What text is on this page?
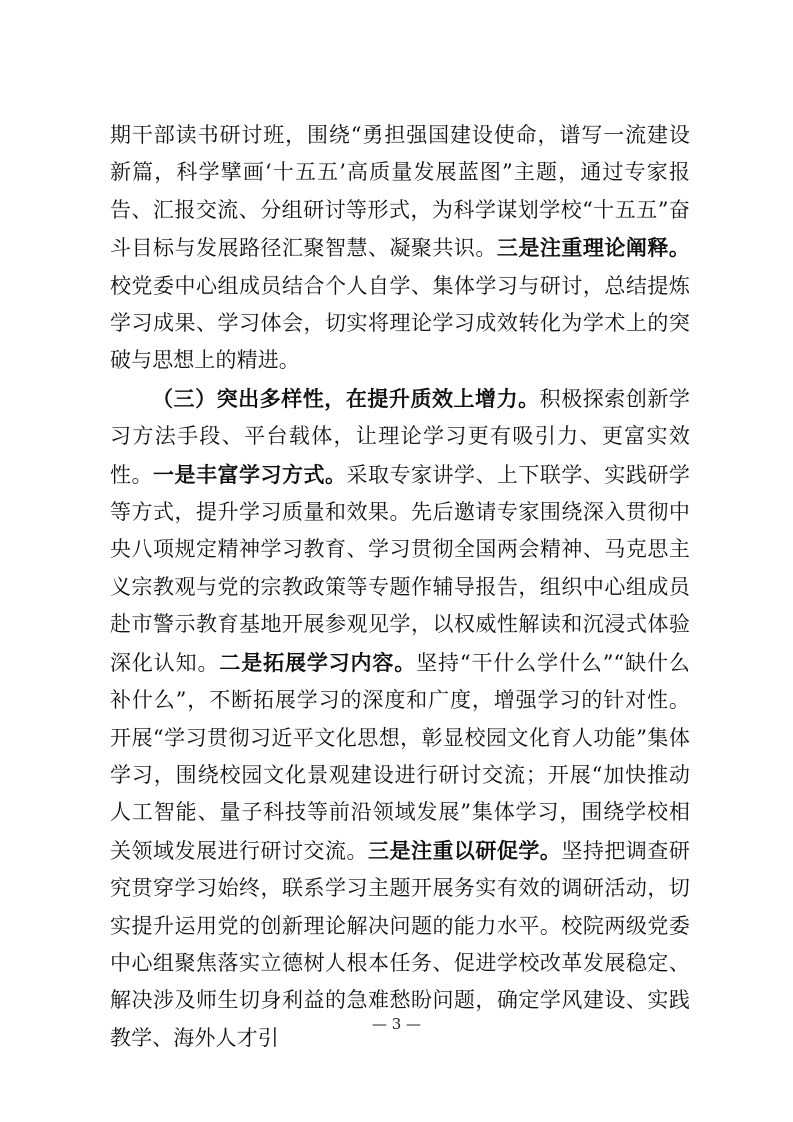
期干部读书研讨班，围绕“勇担强国建设使命，谱写一流建设新篇，科学擘画‘十五五’高质量发展蓝图”主题，通过专家报告、汇报交流、分组研讨等形式，为科学谋划学校“十五五”奋斗目标与发展路径汇聚智慧、凝聚共识。三是注重理论阐释。校党委中心组成员结合个人自学、集体学习与研讨，总结提炼学习成果、学习体会，切实将理论学习成效转化为学术上的突破与思想上的精进。

（三）突出多样性，在提升质效上增力。积极探索创新学习方法手段、平台载体，让理论学习更有吸引力、更富实效性。一是丰富学习方式。采取专家讲学、上下联学、实践研学等方式，提升学习质量和效果。先后邀请专家围绕深入贯彻中央八项规定精神学习教育、学习贯彻全国两会精神、马克思主义宗教观与党的宗教政策等专题作辅导报告，组织中心组成员赴市警示教育基地开展参观见学，以权威性解读和沉浸式体验深化认知。二是拓展学习内容。坚持“干什么学什么”“缺什么补什么”，不断拓展学习的深度和广度，增强学习的针对性。开展“学习贯彻习近平文化思想，彰显校园文化育人功能”集体学习，围绕校园文化景观建设进行研讨交流；开展“加快推动人工智能、量子科技等前沿领域发展”集体学习，围绕学校相关领域发展进行研讨交流。三是注重以研促学。坚持把调查研究贯穿学习始终，联系学习主题开展务实有效的调研活动，切实提升运用党的创新理论解决问题的能力水平。校院两级党委中心组聚焦落实立德树人根本任务、促进学校改革发展稳定、解决涉及师生切身利益的急难愁盼问题，确定学风建设、实践教学、海外人才引

— 3 —
